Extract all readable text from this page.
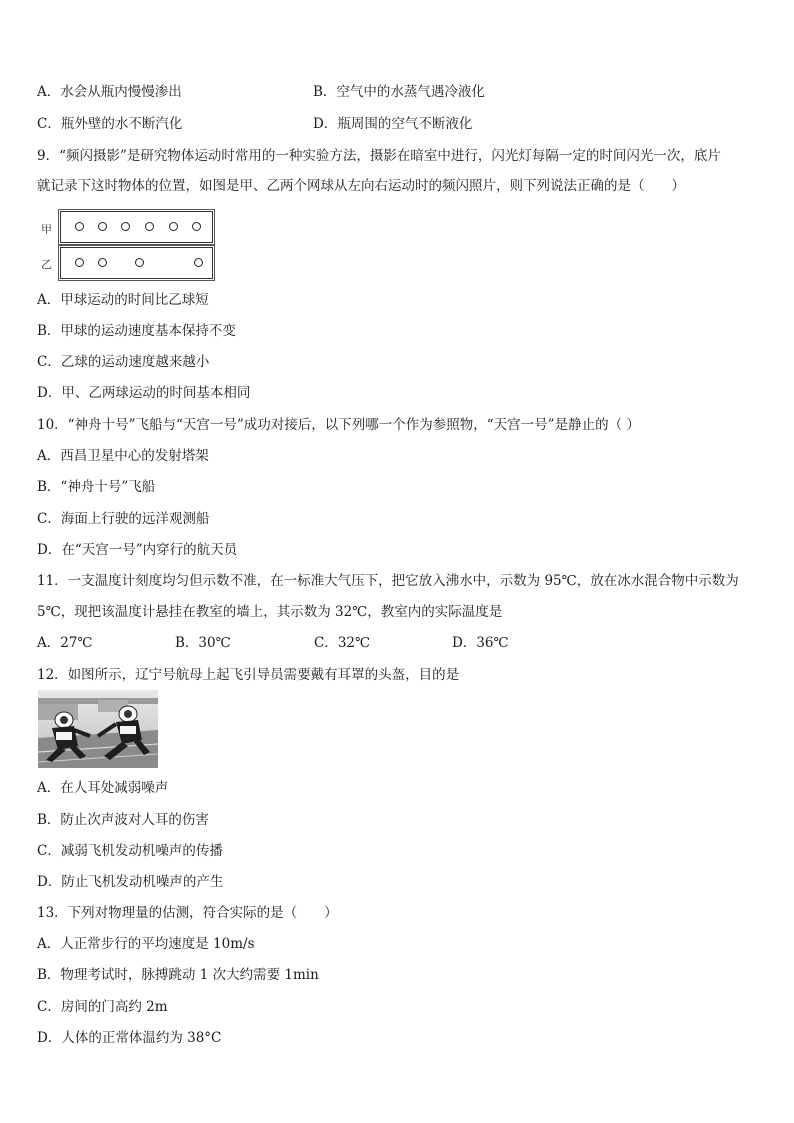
A．水会从瓶内慢慢渗出	B．空气中的水蒸气遇冷液化
C．瓶外壁的水不断汽化	D．瓶周围的空气不断液化
9．“频闪摄影”是研究物体运动时常用的一种实验方法，摄影在暗室中进行，闪光灯每隔一定的时间闪光一次，底片
就记录下这时物体的位置，如图是甲、乙两个网球从左向右运动时的频闪照片，则下列说法正确的是（　　）
甲
乙
A．甲球运动的时间比乙球短
B．甲球的运动速度基本保持不变
C．乙球的运动速度越来越小
D．甲、乙两球运动的时间基本相同
10．“神舟十号”飞船与“天宫一号”成功对接后，以下列哪一个作为参照物，“天宫一号”是静止的（ ）
A．西昌卫星中心的发射塔架
B．“神舟十号”飞船
C．海面上行驶的远洋观测船
D．在“天宫一号”内穿行的航天员
11．一支温度计刻度均匀但示数不准，在一标准大气压下，把它放入沸水中，示数为 95℃，放在冰水混合物中示数为
5℃，现把该温度计悬挂在教室的墙上，其示数为 32℃，教室内的实际温度是
A．27℃	B．30℃	C．32℃	D．36℃
12．如图所示，辽宁号航母上起飞引导员需要戴有耳罩的头盔，目的是
A．在人耳处减弱噪声
B．防止次声波对人耳的伤害
C．减弱飞机发动机噪声的传播
D．防止飞机发动机噪声的产生
13．下列对物理量的估测，符合实际的是（　　）
A．人正常步行的平均速度是 10m/s
B．物理考试时，脉搏跳动 1 次大约需要 1min
C．房间的门高约 2m
D．人体的正常体温约为 38°C
